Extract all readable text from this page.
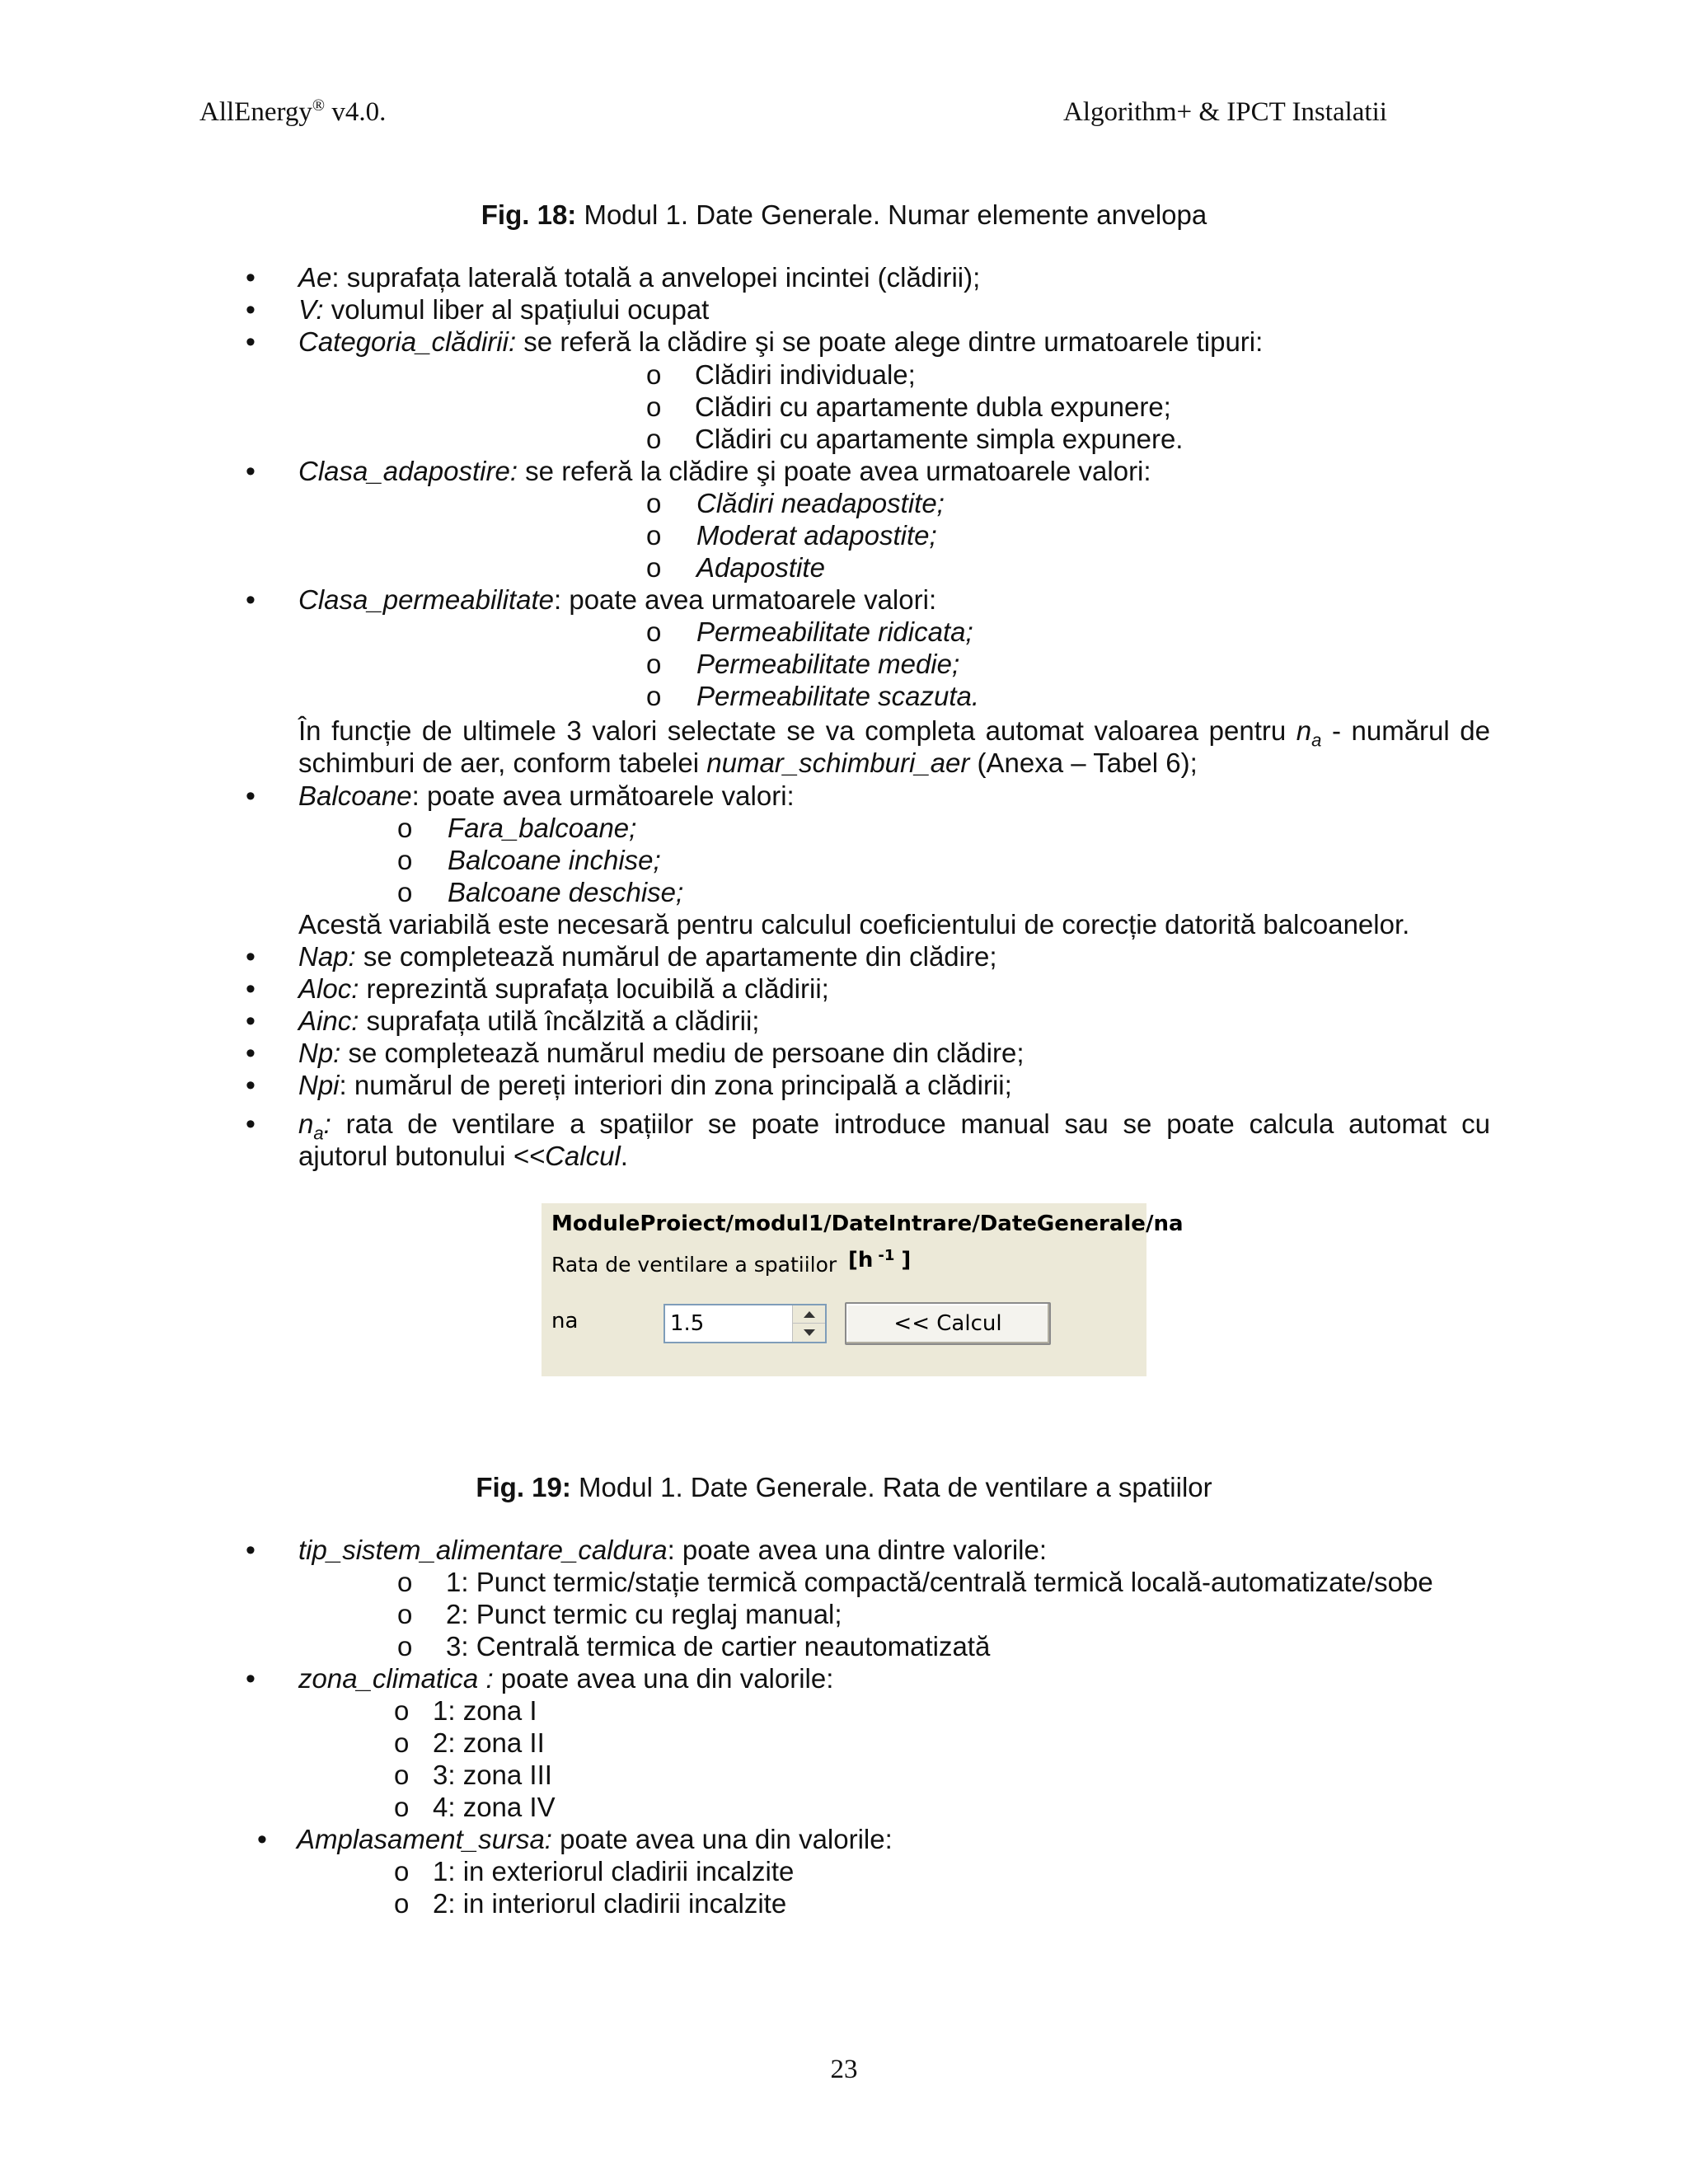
AllEnergy® v4.0.	Algorithm+ & IPCT Instalatii
Fig. 18: Modul 1. Date Generale. Numar elemente anvelopa
• Ae: suprafața laterală totală a anvelopei incintei (clădirii);
• V: volumul liber al spațiului ocupat
• Categoria_clădirii: se referă la clădire şi se poate alege dintre urmatoarele tipuri:
o Clădiri individuale;
o Clădiri cu apartamente dubla expunere;
o Clădiri cu apartamente simpla expunere.
• Clasa_adapostire: se referă la clădire şi poate avea urmatoarele valori:
o Clădiri neadapostite;
o Moderat adapostite;
o Adapostite
• Clasa_permeabilitate: poate avea urmatoarele valori:
o Permeabilitate ridicata;
o Permeabilitate medie;
o Permeabilitate scazuta.
În funcție de ultimele 3 valori selectate se va completa automat valoarea pentru $n_a$ - numărul de
schimburi de aer, conform tabelei numar_schimburi_aer (Anexa – Tabel 6);
• Balcoane: poate avea următoarele valori:
o Fara_balcoane;
o Balcoane inchise;
o Balcoane deschise;
Acestă variabilă este necesară pentru calculul coeficientului de corecție datorită balcoanelor.
• Nap: se completează numărul de apartamente din clădire;
• Aloc: reprezintă suprafața locuibilă a clădirii;
• Ainc: suprafața utilă încălzită a clădirii;
• Np: se completează numărul mediu de persoane din clădire;
• Npi: numărul de pereți interiori din zona principală a clădirii;
• $n_a$: rata de ventilare a spațiilor se poate introduce manual sau se poate calcula automat cu
ajutorul butonului <<Calcul.
ModuleProiect/modul1/DateIntrare/DateGenerale/na
Rata de ventilare a spatiilor [h $^{-1}$ ]
na
1.5	<< Calcul
Fig. 19: Modul 1. Date Generale. Rata de ventilare a spatiilor
• tip_sistem_alimentare_caldura: poate avea una dintre valorile:
o 1: Punct termic/stație termică compactă/centrală termică locală-automatizate/sobe
o 2: Punct termic cu reglaj manual;
o 3: Centrală termica de cartier neautomatizată
• zona_climatica : poate avea una din valorile:
o 1: zona I
o 2: zona II
o 3: zona III
o 4: zona IV
• Amplasament_sursa: poate avea una din valorile:
o 1: in exteriorul cladirii incalzite
o 2: in interiorul cladirii incalzite
23
